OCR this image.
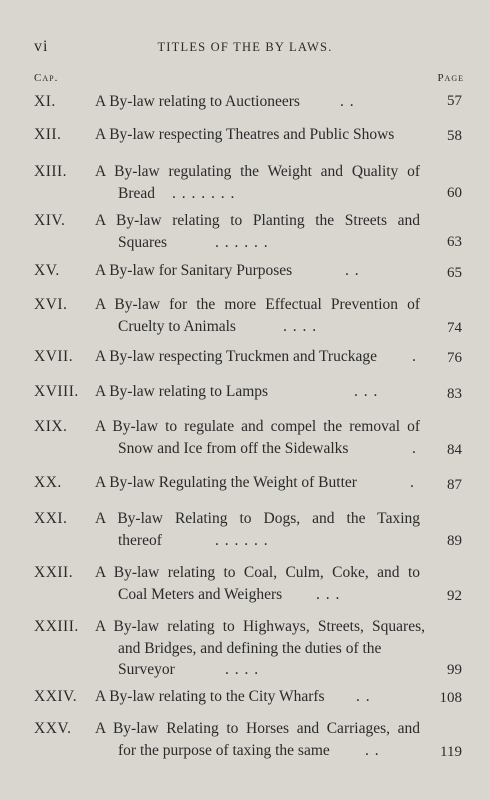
vi	TITLES OF THE BY LAWS.
Cap.	Page
XI.	A By-law relating to Auctioneers	. .	57
XII. A By-law respecting Theatres and Public Shows	58
XIII. A By-law regulating the Weight and Quality of
Bread . . . . . . .	60
XIV. A By-law relating to Planting the Streets and
Squares	. . . . . .	63
XV. A By-law for Sanitary Purposes	. .	65
XVI. A By-law for the more Effectual Prevention of
Cruelty to Animals	. . . .	74
XVII. A By-law respecting Truckmen and Truckage . 76
XVIII. A By-law relating to Lamps	. . .	83
XIX. A By-law to regulate and compel the removal of
Snow and Ice from off the Sidewalks	. 84
XX. A By-law Regulating the Weight of Butter	. 87
XXI. A By-law Relating to Dogs, and the Taxing
thereof	. . . . . .	89
XXII. A By-law relating to Coal, Culm, Coke, and to
Coal Meters and Weighers . . .	92
XXIII. A By-law relating to Highways, Streets, Squares,
and Bridges, and defining the duties of the
Surveyor	. . . .	99
XXIV. A By-law relating to the City Wharfs . .	108
XXV. A By-law Relating to Horses and Carriages, and
for the purpose of taxing the same . .	119
